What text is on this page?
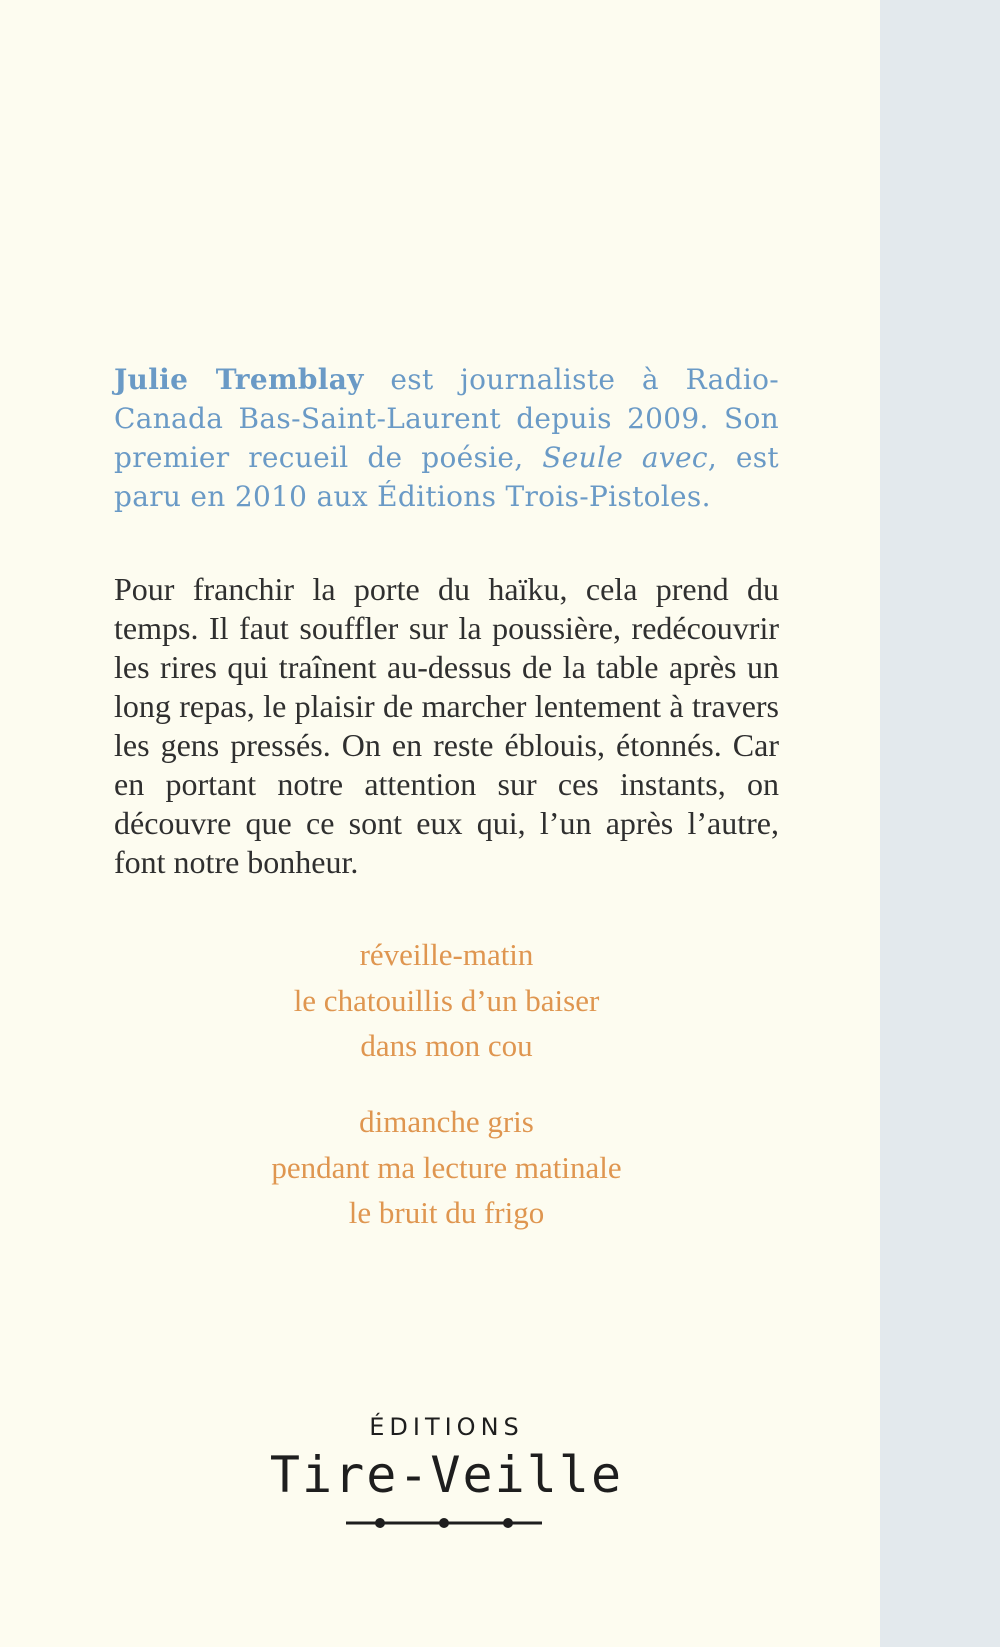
Julie Tremblay est journaliste à Radio-Canada Bas-Saint-Laurent depuis 2009. Son premier recueil de poésie, Seule avec, est paru en 2010 aux Éditions Trois-Pistoles.

Pour franchir la porte du haïku, cela prend du temps. Il faut souffler sur la poussière, redécouvrir les rires qui traînent au-dessus de la table après un long repas, le plaisir de marcher lentement à travers les gens pressés. On en reste éblouis, étonnés. Car en portant notre attention sur ces instants, on découvre que ce sont eux qui, l’un après l’autre, font notre bonheur.

réveille-matin
le chatouillis d’un baiser
dans mon cou
dimanche gris
pendant ma lecture matinale
le bruit du frigo
ÉDITIONS
Tire-Veille
